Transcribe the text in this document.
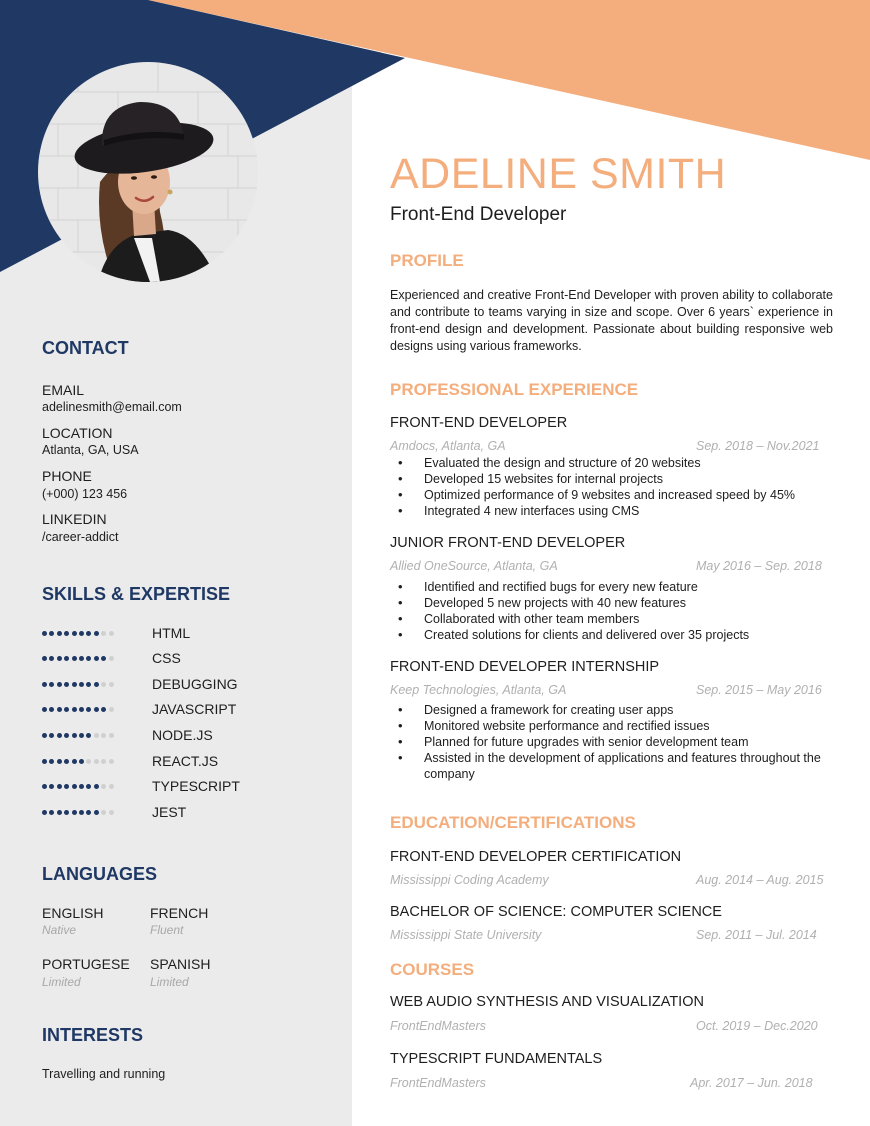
CONTACT
EMAIL
adelinesmith@email.com
LOCATION
Atlanta, GA, USA
PHONE
(+000) 123 456
LINKEDIN
/career-addict
SKILLS & EXPERTISE
HTML
CSS
DEBUGGING
JAVASCRIPT
NODE.JS
REACT.JS
TYPESCRIPT
JEST
LANGUAGES
ENGLISH
Native
FRENCH
Fluent
PORTUGESE
Limited
SPANISH
Limited
INTERESTS
Travelling and running
ADELINE SMITH
Front-End Developer
PROFILE
Experienced and creative Front-End Developer with proven ability to collaborate and contribute to teams varying in size and scope. Over 6 years` experience in front-end design and development. Passionate about building responsive web designs using various frameworks.
PROFESSIONAL EXPERIENCE
FRONT-END DEVELOPER
Amdocs, Atlanta, GA	Sep. 2018 – Nov.2021
• Evaluated the design and structure of 20 websites
• Developed 15 websites for internal projects
• Optimized performance of 9 websites and increased speed by 45%
• Integrated 4 new interfaces using CMS
JUNIOR FRONT-END DEVELOPER
Allied OneSource, Atlanta, GA	May 2016 – Sep. 2018
• Identified and rectified bugs for every new feature
• Developed 5 new projects with 40 new features
• Collaborated with other team members
• Created solutions for clients and delivered over 35 projects
FRONT-END DEVELOPER INTERNSHIP
Keep Technologies, Atlanta, GA	Sep. 2015 – May 2016
• Designed a framework for creating user apps
• Monitored website performance and rectified issues
• Planned for future upgrades with senior development team
• Assisted in the development of applications and features throughout the company
EDUCATION/CERTIFICATIONS
FRONT-END DEVELOPER CERTIFICATION
Mississippi Coding Academy	Aug. 2014 – Aug. 2015
BACHELOR OF SCIENCE: COMPUTER SCIENCE
Mississippi State University	Sep. 2011 – Jul. 2014
COURSES
WEB AUDIO SYNTHESIS AND VISUALIZATION
FrontEndMasters	Oct. 2019 – Dec.2020
TYPESCRIPT FUNDAMENTALS
FrontEndMasters	Apr. 2017 – Jun. 2018
